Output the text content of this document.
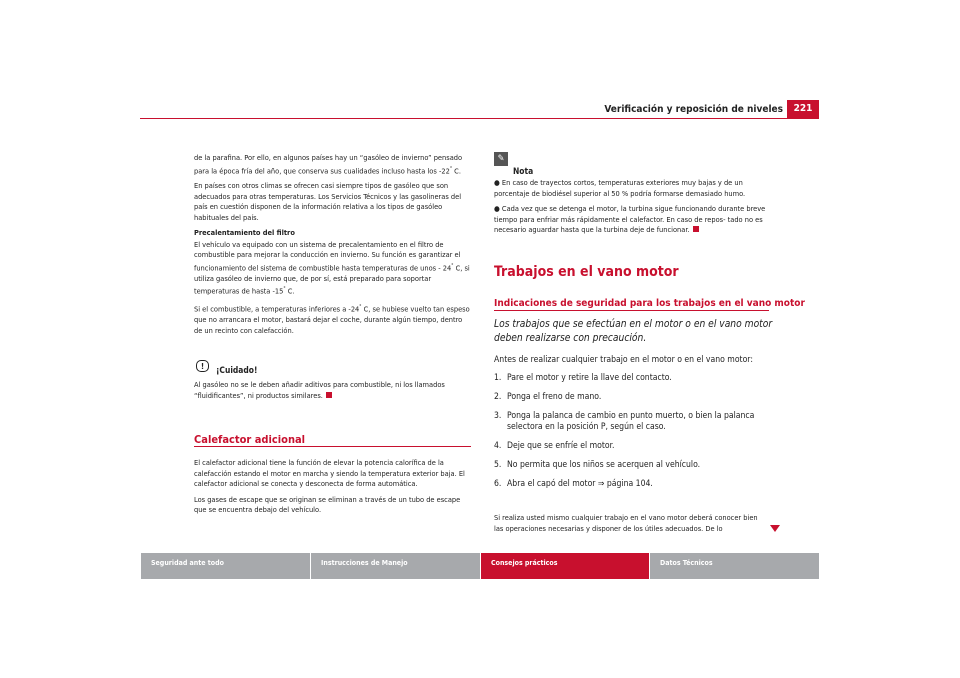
Verificación y reposición de niveles	221

de la parafina. Por ello, en algunos países hay un “gasóleo de invierno” pensado para la época fría del año, que conserva sus cualidades incluso hasta los -22° C.

En países con otros climas se ofrecen casi siempre tipos de gasóleo que son adecuados para otras temperaturas. Los Servicios Técnicos y las gasolineras del país en cuestión disponen de la información relativa a los tipos de gasóleo habituales del país.

Precalentamiento del filtro

El vehículo va equipado con un sistema de precalentamiento en el filtro de combustible para mejorar la conducción en invierno. Su función es garantizar el funcionamiento del sistema de combustible hasta temperaturas de unos - 24° C, si utiliza gasóleo de invierno que, de por sí, está preparado para soportar temperaturas de hasta -15° C.

Si el combustible, a temperaturas inferiores a -24° C, se hubiese vuelto tan espeso que no arrancara el motor, bastará dejar el coche, durante algún tiempo, dentro de un recinto con calefacción.

!	¡Cuidado!
Al gasóleo no se le deben añadir aditivos para combustible, ni los llamados “fluidificantes”, ni productos similares.
Calefactor adicional

El calefactor adicional tiene la función de elevar la potencia calorífica de la calefacción estando el motor en marcha y siendo la temperatura exterior baja. El calefactor adicional se conecta y desconecta de forma automática.

Los gases de escape que se originan se eliminan a través de un tubo de escape que se encuentra debajo del vehículo.

✎
Nota

● En caso de trayectos cortos, temperaturas exteriores muy bajas y de un porcentaje de biodiésel superior al 50 % podría formarse demasiado humo.

● Cada vez que se detenga el motor, la turbina sigue funcionando durante breve tiempo para enfriar más rápidamente el calefactor. En caso de repos- tado no es necesario aguardar hasta que la turbina deje de funcionar.

Trabajos en el vano motor
Indicaciones de seguridad para los trabajos en el vano motor
Los trabajos que se efectúan en el motor o en el vano motor deben realizarse con precaución.
Antes de realizar cualquier trabajo en el motor o en el vano motor:
1. Pare el motor y retire la llave del contacto.
2. Ponga el freno de mano.
3. Ponga la palanca de cambio en punto muerto, o bien la palanca selectora en la posición P, según el caso.
4. Deje que se enfríe el motor.
5. No permita que los niños se acerquen al vehículo.
6. Abra el capó del motor ⇒ página 104.
Si realiza usted mismo cualquier trabajo en el vano motor deberá conocer bien las operaciones necesarias y disponer de los útiles adecuados. De lo
Seguridad ante todo	Instrucciones de Manejo	Consejos prácticos	Datos Técnicos
